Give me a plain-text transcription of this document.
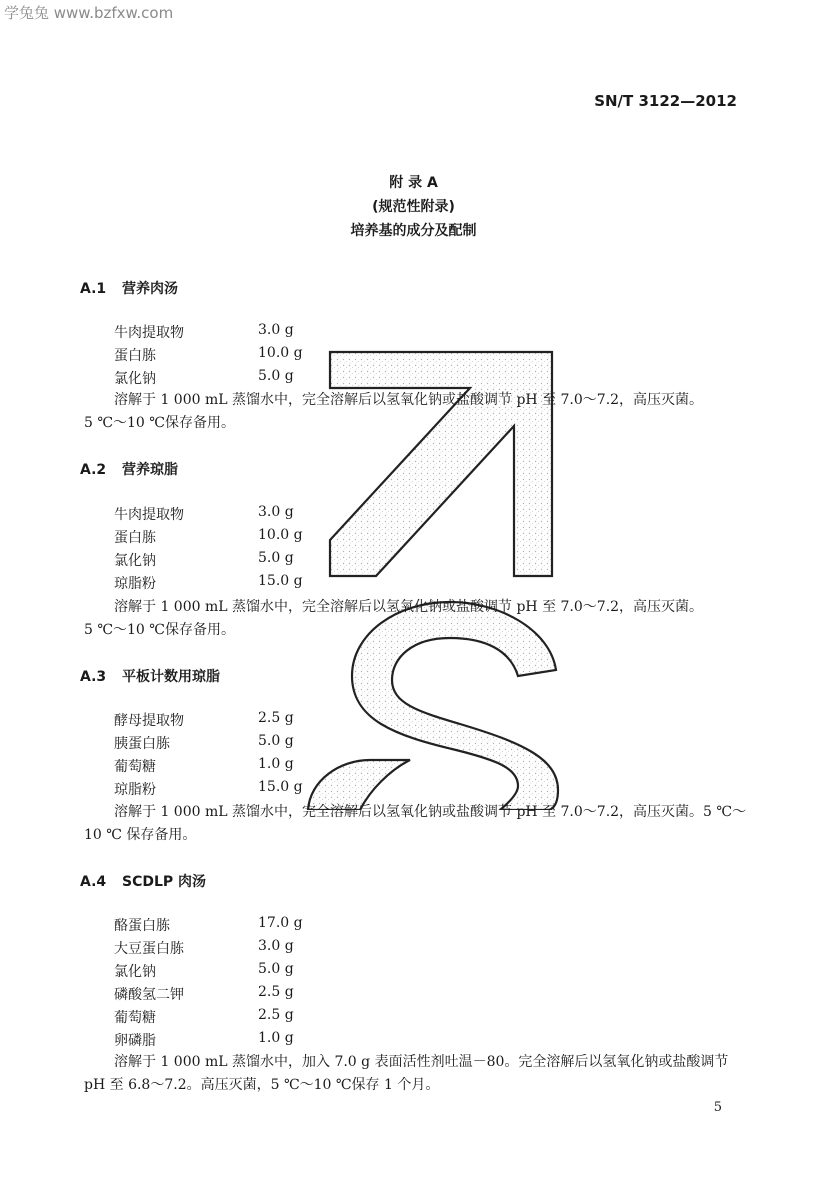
学兔兔 www.bzfxw.com
SN/T 3122—2012
附 录 A
(规范性附录)
培养基的成分及配制
A.1 营养肉汤
牛肉提取物	3.0 g
蛋白胨	10.0 g
氯化钠	5.0 g
溶解于 1 000 mL 蒸馏水中，完全溶解后以氢氧化钠或盐酸调节 pH 至 7.0～7.2，高压灭菌。
5 ℃～10 ℃保存备用。
A.2 营养琼脂
牛肉提取物	3.0 g
蛋白胨	10.0 g
氯化钠	5.0 g
琼脂粉	15.0 g
溶解于 1 000 mL 蒸馏水中，完全溶解后以氢氧化钠或盐酸调节 pH 至 7.0～7.2，高压灭菌。
5 ℃～10 ℃保存备用。
A.3 平板计数用琼脂
酵母提取物	2.5 g
胰蛋白胨	5.0 g
葡萄糖	1.0 g
琼脂粉	15.0 g
溶解于 1 000 mL 蒸馏水中，完全溶解后以氢氧化钠或盐酸调节 pH 至 7.0～7.2，高压灭菌。5 ℃～
10 ℃ 保存备用。
A.4 SCDLP 肉汤
酪蛋白胨	17.0 g
大豆蛋白胨	3.0 g
氯化钠	5.0 g
磷酸氢二钾	2.5 g
葡萄糖	2.5 g
卵磷脂	1.0 g
溶解于 1 000 mL 蒸馏水中，加入 7.0 g 表面活性剂吐温－80。完全溶解后以氢氧化钠或盐酸调节
pH 至 6.8～7.2。高压灭菌，5 ℃～10 ℃保存 1 个月。
5
